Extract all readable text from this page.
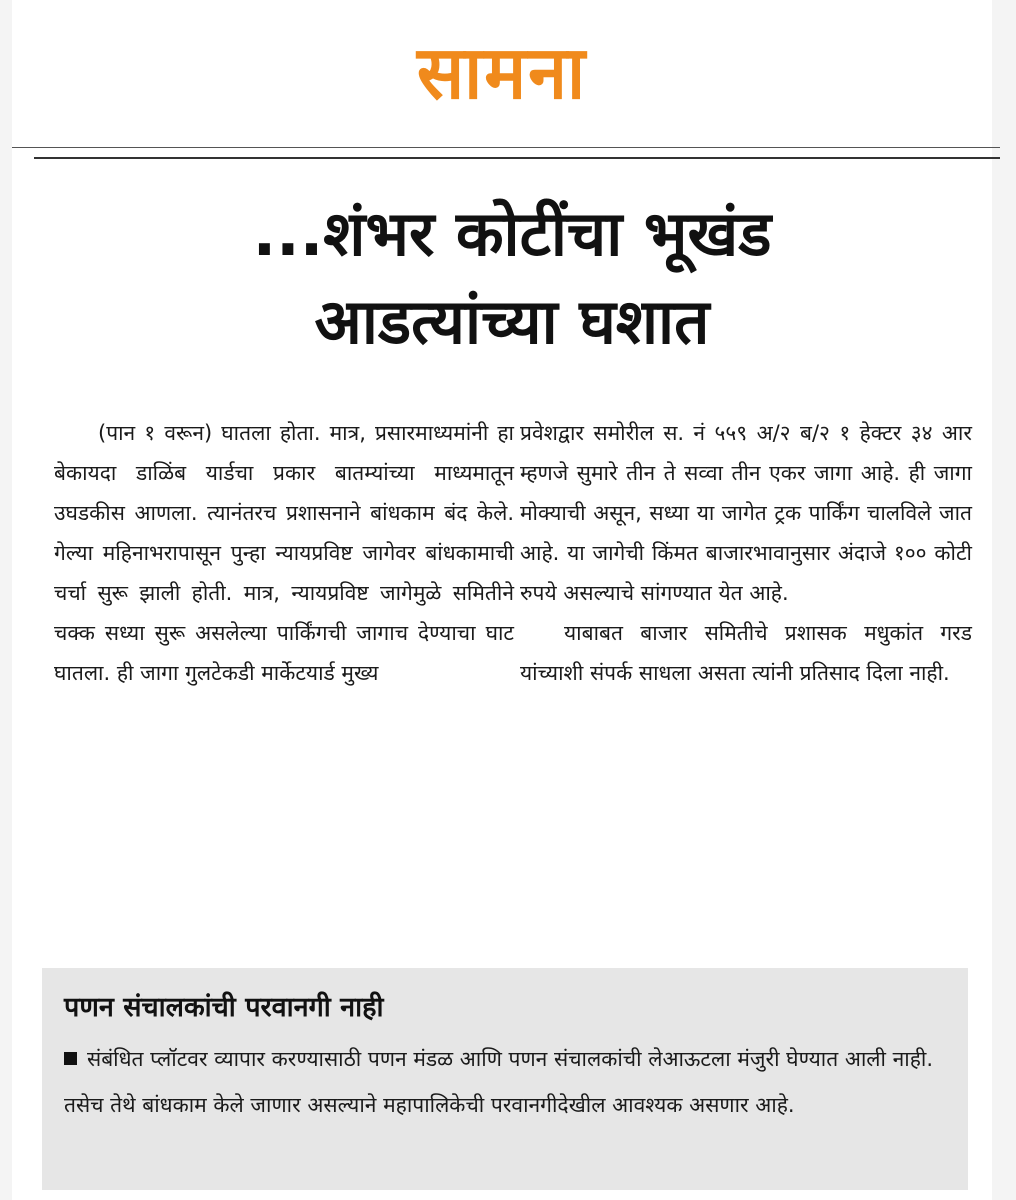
सामना
...शंभर कोटींचा भूखंड
आडत्यांच्या घशात

(पान १ वरून) घातला होता. मात्र, प्रसारमाध्यमांनी हा बेकायदा डाळिंब यार्डचा प्रकार बातम्यांच्या माध्यमातून उघडकीस आणला. त्यानंतरच प्रशासनाने बांधकाम बंद केले. गेल्या महिनाभरापासून पुन्हा न्यायप्रविष्ट जागेवर बांधकामाची चर्चा सुरू झाली होती. मात्र, न्यायप्रविष्ट जागेमुळे समितीने चक्क सध्या सुरू असलेल्या पार्किंगची जागाच देण्याचा घाट घातला. ही जागा गुलटेकडी मार्केटयार्ड मुख्य

प्रवेशद्वार समोरील स. नं ५५९ अ/२ ब/२ १ हेक्टर ३४ आर म्हणजे सुमारे तीन ते सव्वा तीन एकर जागा आहे. ही जागा मोक्याची असून, सध्या या जागेत ट्रक पार्किंग चालविले जात आहे. या जागेची किंमत बाजारभावानुसार अंदाजे १०० कोटी रुपये असल्याचे सांगण्यात येत आहे.

याबाबत बाजार समितीचे प्रशासक मधुकांत गरड यांच्याशी संपर्क साधला असता त्यांनी प्रतिसाद दिला नाही.

पणन संचालकांची परवानगी नाही
संबंधित प्लॉटवर व्यापार करण्यासाठी पणन मंडळ आणि पणन संचालकांची लेआऊटला मंजुरी घेण्यात आली नाही. तसेच तेथे बांधकाम केले जाणार असल्याने महापालिकेची परवानगीदेखील आवश्यक असणार आहे.
